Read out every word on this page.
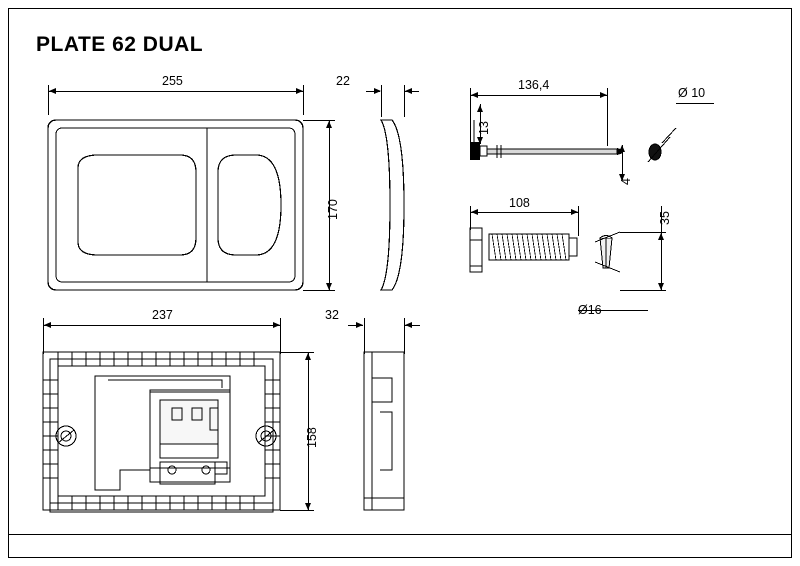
PLATE 62 DUAL
255
170
22	136,4
13
4
Ø 10
108
35
Ø16
237
158
32
